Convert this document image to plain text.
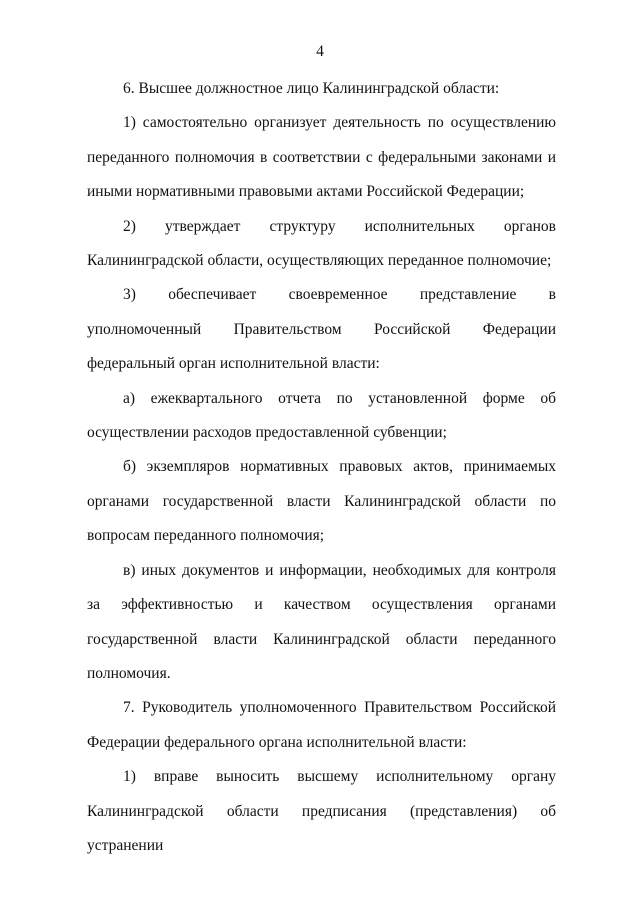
4

6. Высшее должностное лицо Калининградской области:

1) самостоятельно организует деятельность по осуществлению переданного полномочия в соответствии с федеральными законами и иными нормативными правовыми актами Российской Федерации;

2) утверждает структуру исполнительных органов Калининградской области, осуществляющих переданное полномочие;

3) обеспечивает своевременное представление в уполномоченный Правительством Российской Федерации федеральный орган исполнительной власти:

а) ежеквартального отчета по установленной форме об осуществлении расходов предоставленной субвенции;

б) экземпляров нормативных правовых актов, принимаемых органами государственной власти Калининградской области по вопросам переданного полномочия;

в) иных документов и информации, необходимых для контроля за эффективностью и качеством осуществления органами государственной власти Калининградской области переданного полномочия.

7. Руководитель уполномоченного Правительством Российской Федерации федерального органа исполнительной власти:

1) вправе выносить высшему исполнительному органу Калининградской области предписания (представления) об устранении
